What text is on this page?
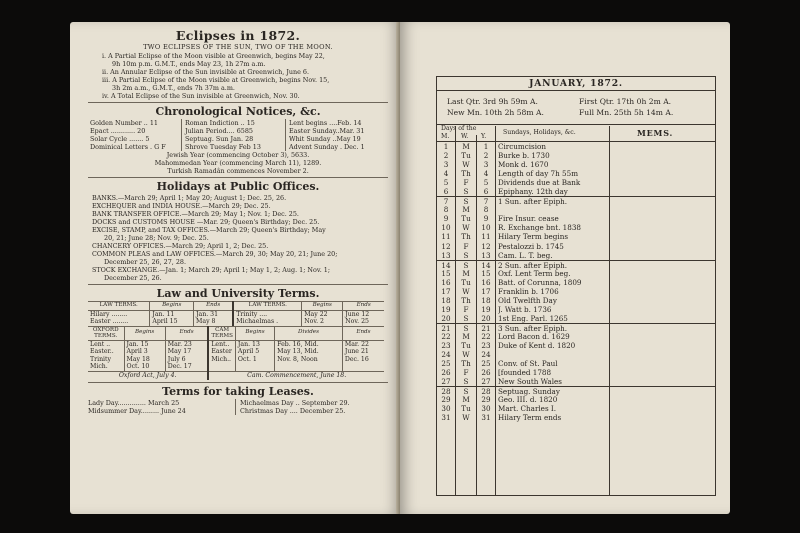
Eclipses in 1872.
TWO ECLIPSES OF THE SUN, TWO OF THE MOON.
i. A Partial Eclipse of the Moon visible at Greenwich, begins May 22,
9h 10m p.m. G.M.T., ends May 23, 1h 27m a.m.
ii. An Annular Eclipse of the Sun invisible at Greenwich, June 6.
iii. A Partial Eclipse of the Moon visible at Greenwich, begins Nov. 15,
3h 2m a.m., G.M.T., ends 7h 37m a.m.
iv. A Total Eclipse of the Sun invisible at Greenwich, Nov. 30.
Chronological Notices, &c.
Golden Number .. 11	Roman Indiction .. 15	Lent begins ....Feb. 14
Epact ............ 20	Julian Period.... 6585	Easter Sunday..Mar. 31
Solar Cycle ....... 5	Septuag. Sun Jan. 28	Whit Sunday ..May 19
Dominical Letters . G F	Shrove Tuesday Feb 13	Advent Sunday . Dec. 1
Jewish Year (commencing October 3), 5633.
Mahommedan Year (commencing March 11), 1289.
Turkish Ramadân commences November 2.
Holidays at Public Offices.
BANKS.—March 29; April 1; May 20; August 1; Dec. 25, 26.
EXCHEQUER and INDIA HOUSE.—March 29; Dec. 25.
BANK TRANSFER OFFICE.—March 29; May 1; Nov. 1; Dec. 25.
DOCKS and CUSTOMS HOUSE —Mar. 29; Queen's Birthday; Dec. 25.
EXCISE, STAMP, and TAX OFFICES.—March 29; Queen's Birthday; May
20, 21; June 28; Nov. 9; Dec. 25.
CHANCERY OFFICES.—March 29; April 1, 2; Dec. 25.
COMMON PLEAS and LAW OFFICES.—March 29, 30; May 20, 21; June 20;
December 25, 26, 27, 28.
STOCK EXCHANGE.—Jan. 1; March 29; April 1; May 1, 2; Aug. 1; Nov. 1;
December 25, 26.
Law and University Terms.
LAW TERMS.	Begins	Ends	LAW TERMS.	Begins	Ends
Hilary ........	Jan. 11	Jan. 31	Trinity ....	May 22	June 12
Easter ........	April 15	May 8	Michaelmas .	Nov. 2	Nov. 25
OXFORD TERMS.	Begins	Ends	CAM TERMS	Begins	Divides	Ends
Lent ..	Jan. 15	Mar. 23	Lent..	Jan. 13	Feb. 16, Mid.	Mar. 22
Easter..	April 3	May 17	Easter	April 5	May 13, Mid.	June 21
Trinity	May 18	July 6	Mich..	Oct. 1	Nov. 8, Noon	Dec. 16
Mich.	Oct. 10	Dec. 17				
Oxford Act, July 4.			Cam. Commencement, June 18.			
Terms for taking Leases.
Lady Day.............. March 25	Michaelmas Day .. September 29.
Midsummer Day......... June 24	Christmas Day .... December 25.
JANUARY, 1872.
Last Qtr. 3rd 9h 59m A.
New Mn. 10th 2h 58m A.
First Qtr. 17th 0h 2m A.
Full Mn. 25th 5h 14m A.
Days of the
M. W. Y.
Sundays, Holidays, &c.	MEMS.
1	M	1	Circumcision
2	Tu	2	Burke b. 1730
3	W	3	Monk d. 1670
4	Th	4	Length of day 7h 55m
5	F	5	Dividends due at Bank
6	S	6	Epiphany. 12th day
7	S	7	1 Sun. after Epiph.
8	M	8
9	Tu	9	Fire Insur. cease
10	W	10	R. Exchange bnt. 1838
11	Th	11	Hilary Term begins
12	F	12	Pestalozzi b. 1745
13	S	13	Cam. L. T. beg.
14	S	14	2 Sun. after Epiph.
15	M	15	Oxf. Lent Term beg.
16	Tu	16	Batt. of Corunna, 1809
17	W	17	Franklin b. 1706
18	Th	18	Old Twelfth Day
19	F	19	J. Watt b. 1736
20	S	20	1st Eng. Parl. 1265
21	S	21	3 Sun. after Epiph.
22	M	22	Lord Bacon d. 1629
23	Tu	23	Duke of Kent d. 1820
24	W	24
25	Th	25	Conv. of St. Paul
26	F	26	[founded 1788
27	S	27	New South Wales
28	S	28	Septuag. Sunday
29	M	29	Geo. III. d. 1820
30	Tu	30	Mart. Charles I.
31	W	31	Hilary Term ends
